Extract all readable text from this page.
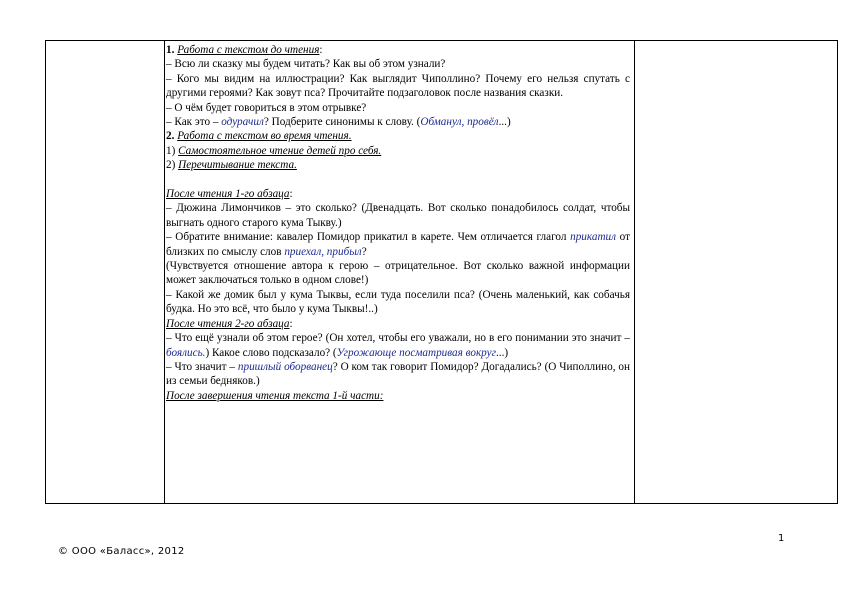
1. Работа с текстом до чтения:

– Всю ли сказку мы будем читать? Как вы об этом узнали?

– Кого мы видим на иллюстрации? Как выглядит Чиполлино? Почему его нельзя спутать с другими героями? Как зовут пса? Прочитайте подзаголовок после названия сказки.

– О чём будет говориться в этом отрывке?

– Как это – одурачил? Подберите синонимы к слову. (Обманул, провёл...)

2. Работа с текстом во время чтения.

1) Самостоятельное чтение детей про себя.

2) Перечитывание текста.

После чтения 1-го абзаца:

– Дюжина Лимончиков – это сколько? (Двенадцать. Вот сколько понадобилось солдат, чтобы выгнать одного старого кума Тыкву.)

– Обратите внимание: кавалер Помидор прикатил в карете. Чем отличается глагол прикатил от близких по смыслу слов приехал, прибыл?

(Чувствуется отношение автора к герою – отрицательное. Вот сколько важной информации может заключаться только в одном слове!)

– Какой же домик был у кума Тыквы, если туда поселили пса? (Очень маленький, как собачья будка. Но это всё, что было у кума Тыквы!..)

После чтения 2-го абзаца:

– Что ещё узнали об этом герое? (Он хотел, чтобы его уважали, но в его понимании это значит – боялись.) Какое слово подсказало? (Угрожающе посматривая вокруг...)

– Что значит – пришлый оборванец? О ком так говорит Помидор? Догадались? (О Чиполлино, он из семьи бедняков.)

После завершения чтения текста 1-й части:

1
© ООО «Баласс», 2012
